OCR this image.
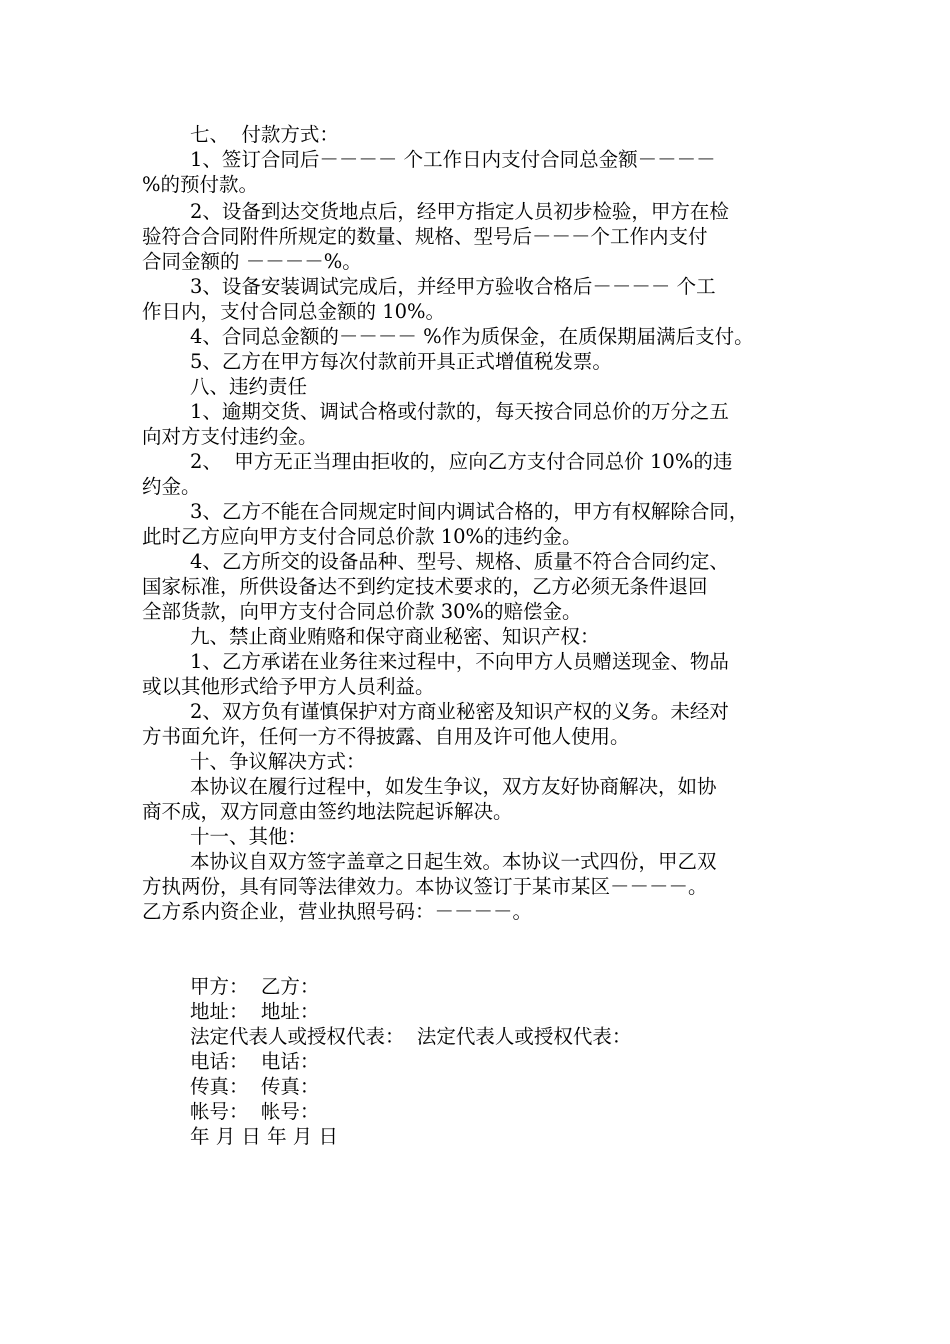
七、  付款方式：
1、签订合同后－－－－ 个工作日内支付合同总金额－－－－
%的预付款。
2、设备到达交货地点后，经甲方指定人员初步检验，甲方在检
验符合合同附件所规定的数量、规格、型号后－－－个工作内支付
合同金额的 －－－－%。
3、设备安装调试完成后，并经甲方验收合格后－－－－ 个工
作日内，支付合同总金额的 10%。
4、合同总金额的－－－－ %作为质保金，在质保期届满后支付。
5、乙方在甲方每次付款前开具正式增值税发票。
八、违约责任
1、逾期交货、调试合格或付款的，每天按合同总价的万分之五
向对方支付违约金。
2、  甲方无正当理由拒收的，应向乙方支付合同总价 10%的违
约金。
3、乙方不能在合同规定时间内调试合格的，甲方有权解除合同，
此时乙方应向甲方支付合同总价款 10%的违约金。
4、乙方所交的设备品种、型号、规格、质量不符合合同约定、
国家标准，所供设备达不到约定技术要求的，乙方必须无条件退回
全部货款，向甲方支付合同总价款 30%的赔偿金。
九、禁止商业贿赂和保守商业秘密、知识产权：
1、乙方承诺在业务往来过程中，不向甲方人员赠送现金、物品
或以其他形式给予甲方人员利益。
2、双方负有谨慎保护对方商业秘密及知识产权的义务。未经对
方书面允许，任何一方不得披露、自用及许可他人使用。
十、争议解决方式：
本协议在履行过程中，如发生争议，双方友好协商解决，如协
商不成，双方同意由签约地法院起诉解决。
十一、其他：
本协议自双方签字盖章之日起生效。本协议一式四份，甲乙双
方执两份，具有同等法律效力。本协议签订于某市某区－－－－。
乙方系内资企业，营业执照号码：－－－－。
甲方：  乙方：
地址：  地址：
法定代表人或授权代表：  法定代表人或授权代表：
电话：  电话：
传真：  传真：
帐号：  帐号：
年 月 日 年 月 日
